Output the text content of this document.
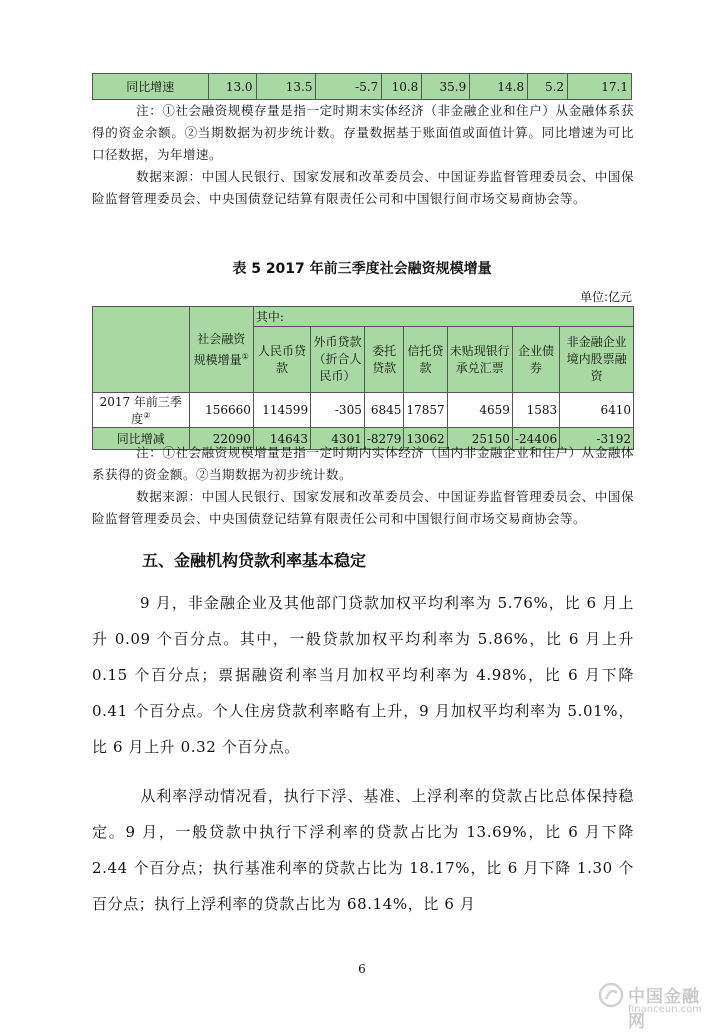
同比增速	13.0	13.5	-5.7	10.8	35.9	14.8	5.2	17.1

注：①社会融资规模存量是指一定时期末实体经济（非金融企业和住户）从金融体系获得的资金余额。②当期数据为初步统计数。存量数据基于账面值或面值计算。同比增速为可比口径数据，为年增速。

数据来源：中国人民银行、国家发展和改革委员会、中国证券监督管理委员会、中国保险监督管理委员会、中央国债登记结算有限责任公司和中国银行间市场交易商协会等。

表 5 2017 年前三季度社会融资规模增量
单位:亿元
	社会融资规模增量①	其中:						
		人民币贷款	外币贷款（折合人民币）	委托贷款	信托贷款	未贴现银行承兑汇票	企业债券	非金融企业境内股票融资
2017 年前三季度②	156660	114599	-305	6845	17857	4659	1583	6410
同比增减	22090	14643	4301	-8279	13062	25150	-24406	-3192

注：①社会融资规模增量是指一定时期内实体经济（国内非金融企业和住户）从金融体系获得的资金额。②当期数据为初步统计数。

数据来源：中国人民银行、国家发展和改革委员会、中国证券监督管理委员会、中国保险监督管理委员会、中央国债登记结算有限责任公司和中国银行间市场交易商协会等。

五、金融机构贷款利率基本稳定

9 月，非金融企业及其他部门贷款加权平均利率为 5.76%，比 6 月上升 0.09 个百分点。其中，一般贷款加权平均利率为 5.86%，比 6 月上升 0.15 个百分点；票据融资利率当月加权平均利率为 4.98%，比 6 月下降 0.41 个百分点。个人住房贷款利率略有上升，9 月加权平均利率为 5.01%，比 6 月上升 0.32 个百分点。

从利率浮动情况看，执行下浮、基准、上浮利率的贷款占比总体保持稳定。9 月，一般贷款中执行下浮利率的贷款占比为 13.69%，比 6 月下降 2.44 个百分点；执行基准利率的贷款占比为 18.17%，比 6 月下降 1.30 个百分点；执行上浮利率的贷款占比为 68.14%，比 6 月

6
中国金融网
financeun.com
